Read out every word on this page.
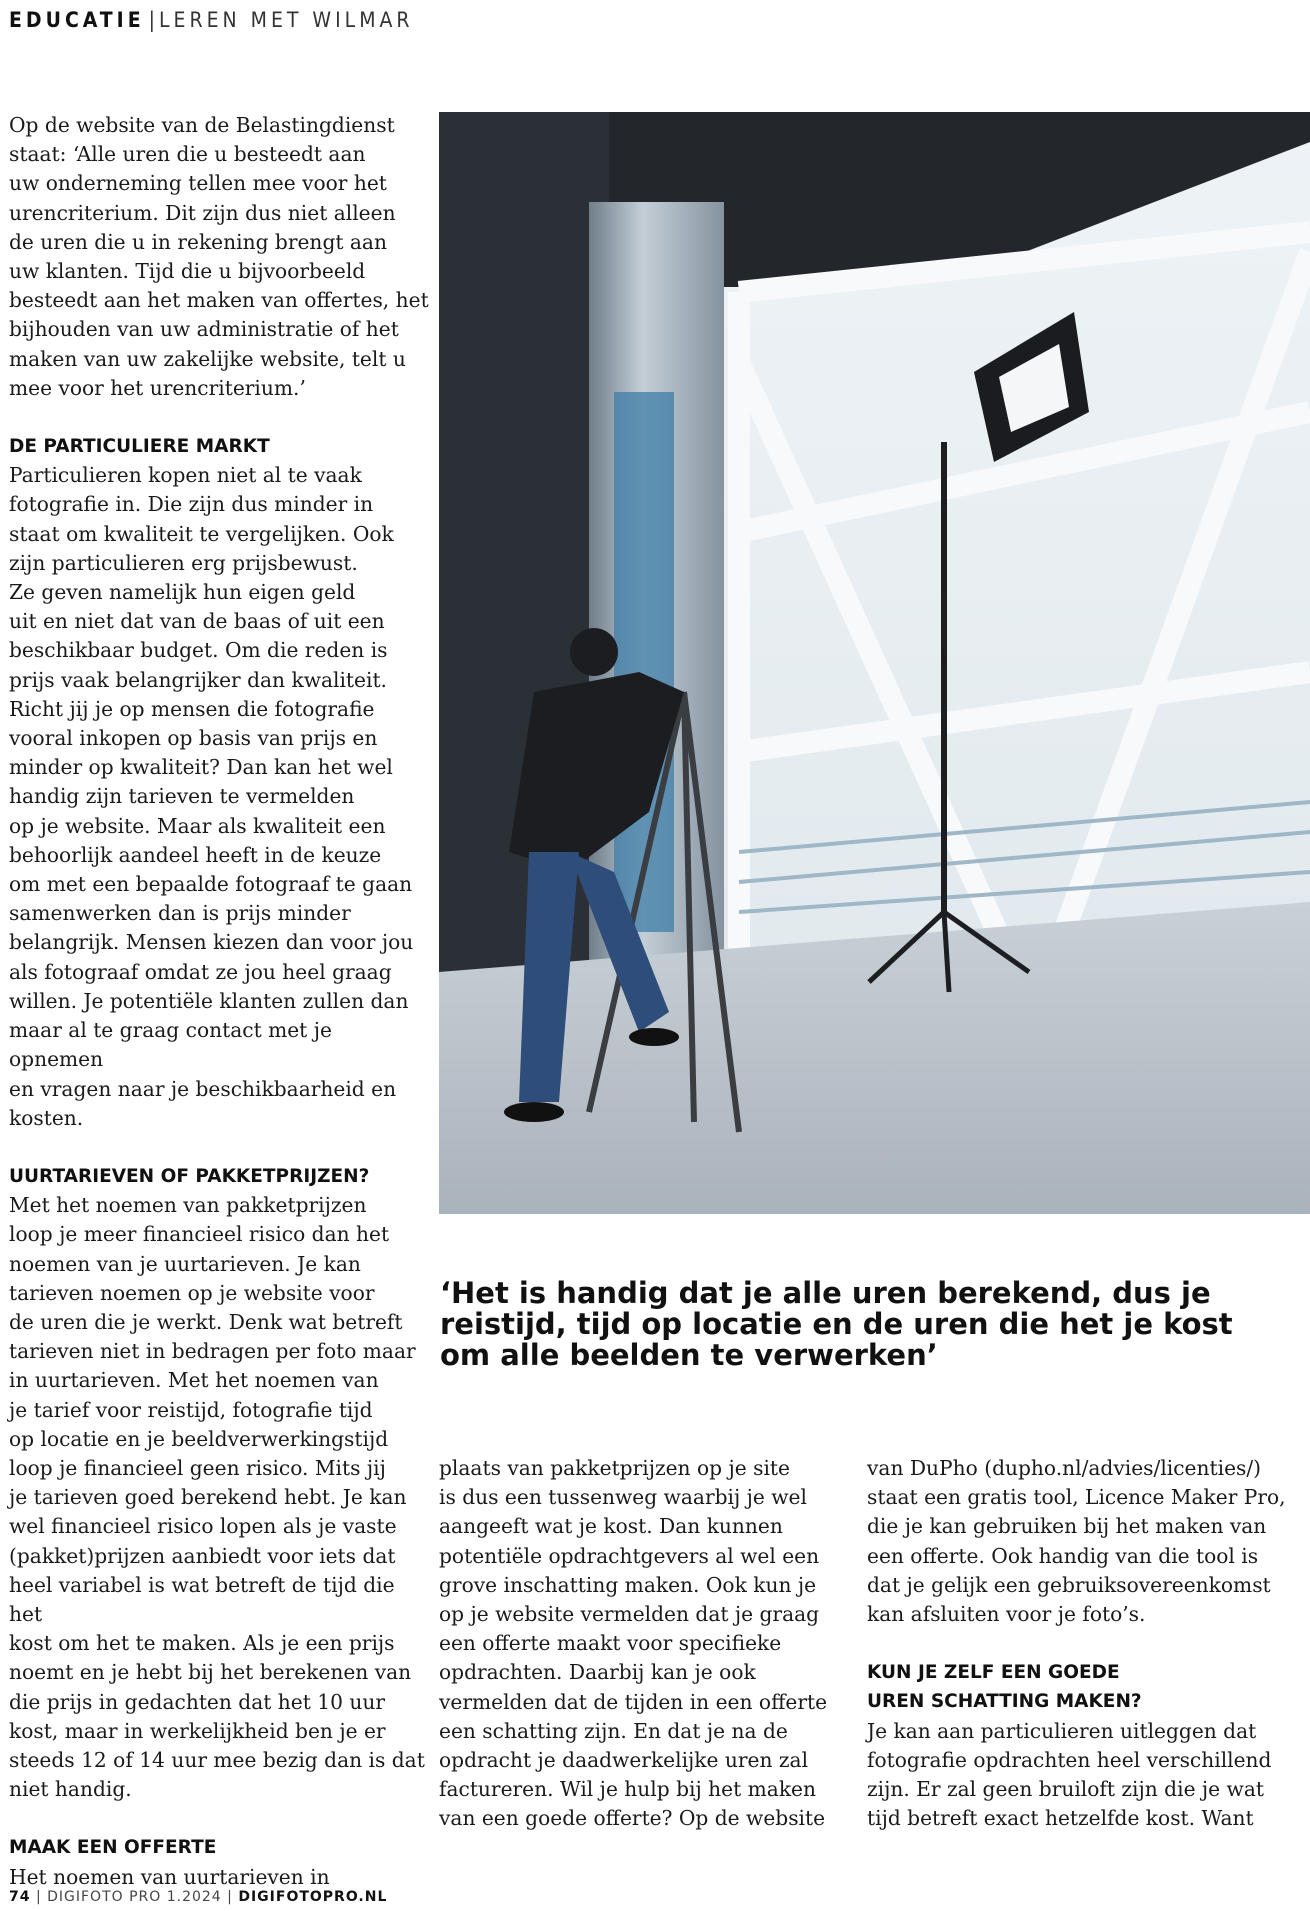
EDUCATIE | LEREN MET WILMAR

Op de website van de Belastingdienst
staat: ‘Alle uren die u besteedt aan
uw onderneming tellen mee voor het
urencriterium. Dit zijn dus niet alleen
de uren die u in rekening brengt aan
uw klanten. Tijd die u bijvoorbeeld
besteedt aan het maken van offertes, het
bijhouden van uw administratie of het
maken van uw zakelijke website, telt u
mee voor het urencriterium.’

DE PARTICULIERE MARKT

Particulieren kopen niet al te vaak
fotografie in. Die zijn dus minder in
staat om kwaliteit te vergelijken. Ook
zijn particulieren erg prijsbewust.
Ze geven namelijk hun eigen geld
uit en niet dat van de baas of uit een
beschikbaar budget. Om die reden is
prijs vaak belangrijker dan kwaliteit.
Richt jij je op mensen die fotografie
vooral inkopen op basis van prijs en
minder op kwaliteit? Dan kan het wel
handig zijn tarieven te vermelden
op je website. Maar als kwaliteit een
behoorlijk aandeel heeft in de keuze
om met een bepaalde fotograaf te gaan
samenwerken dan is prijs minder
belangrijk. Mensen kiezen dan voor jou
als fotograaf omdat ze jou heel graag
willen. Je potentiële klanten zullen dan
maar al te graag contact met je opnemen
en vragen naar je beschikbaarheid en
kosten.

UURTARIEVEN OF PAKKETPRIJZEN?

Met het noemen van pakketprijzen
loop je meer financieel risico dan het
noemen van je uurtarieven. Je kan
tarieven noemen op je website voor
de uren die je werkt. Denk wat betreft
tarieven niet in bedragen per foto maar
in uurtarieven. Met het noemen van
je tarief voor reistijd, fotografie tijd
op locatie en je beeldverwerkingstijd
loop je financieel geen risico. Mits jij
je tarieven goed berekend hebt. Je kan
wel financieel risico lopen als je vaste
(pakket)prijzen aanbiedt voor iets dat
heel variabel is wat betreft de tijd die het
kost om het te maken. Als je een prijs
noemt en je hebt bij het berekenen van
die prijs in gedachten dat het 10 uur
kost, maar in werkelijkheid ben je er
steeds 12 of 14 uur mee bezig dan is dat
niet handig.

MAAK EEN OFFERTE

Het noemen van uurtarieven in

‘Het is handig dat je alle uren berekend, dus je reistijd, tijd op locatie en de uren die het je kost om alle beelden te verwerken’

plaats van pakketprijzen op je site
is dus een tussenweg waarbij je wel
aangeeft wat je kost. Dan kunnen
potentiële opdrachtgevers al wel een
grove inschatting maken. Ook kun je
op je website vermelden dat je graag
een offerte maakt voor specifieke
opdrachten. Daarbij kan je ook
vermelden dat de tijden in een offerte
een schatting zijn. En dat je na de
opdracht je daadwerkelijke uren zal
factureren. Wil je hulp bij het maken
van een goede offerte? Op de website

van DuPho (dupho.nl/advies/licenties/)
staat een gratis tool, Licence Maker Pro,
die je kan gebruiken bij het maken van
een offerte. Ook handig van die tool is
dat je gelijk een gebruiksovereenkomst
kan afsluiten voor je foto’s.

KUN JE ZELF EEN GOEDE
UREN SCHATTING MAKEN?

Je kan aan particulieren uitleggen dat
fotografie opdrachten heel verschillend
zijn. Er zal geen bruiloft zijn die je wat
tijd betreft exact hetzelfde kost. Want

74 | DIGIFOTO PRO 1.2024 | DIGIFOTOPRO.NL
